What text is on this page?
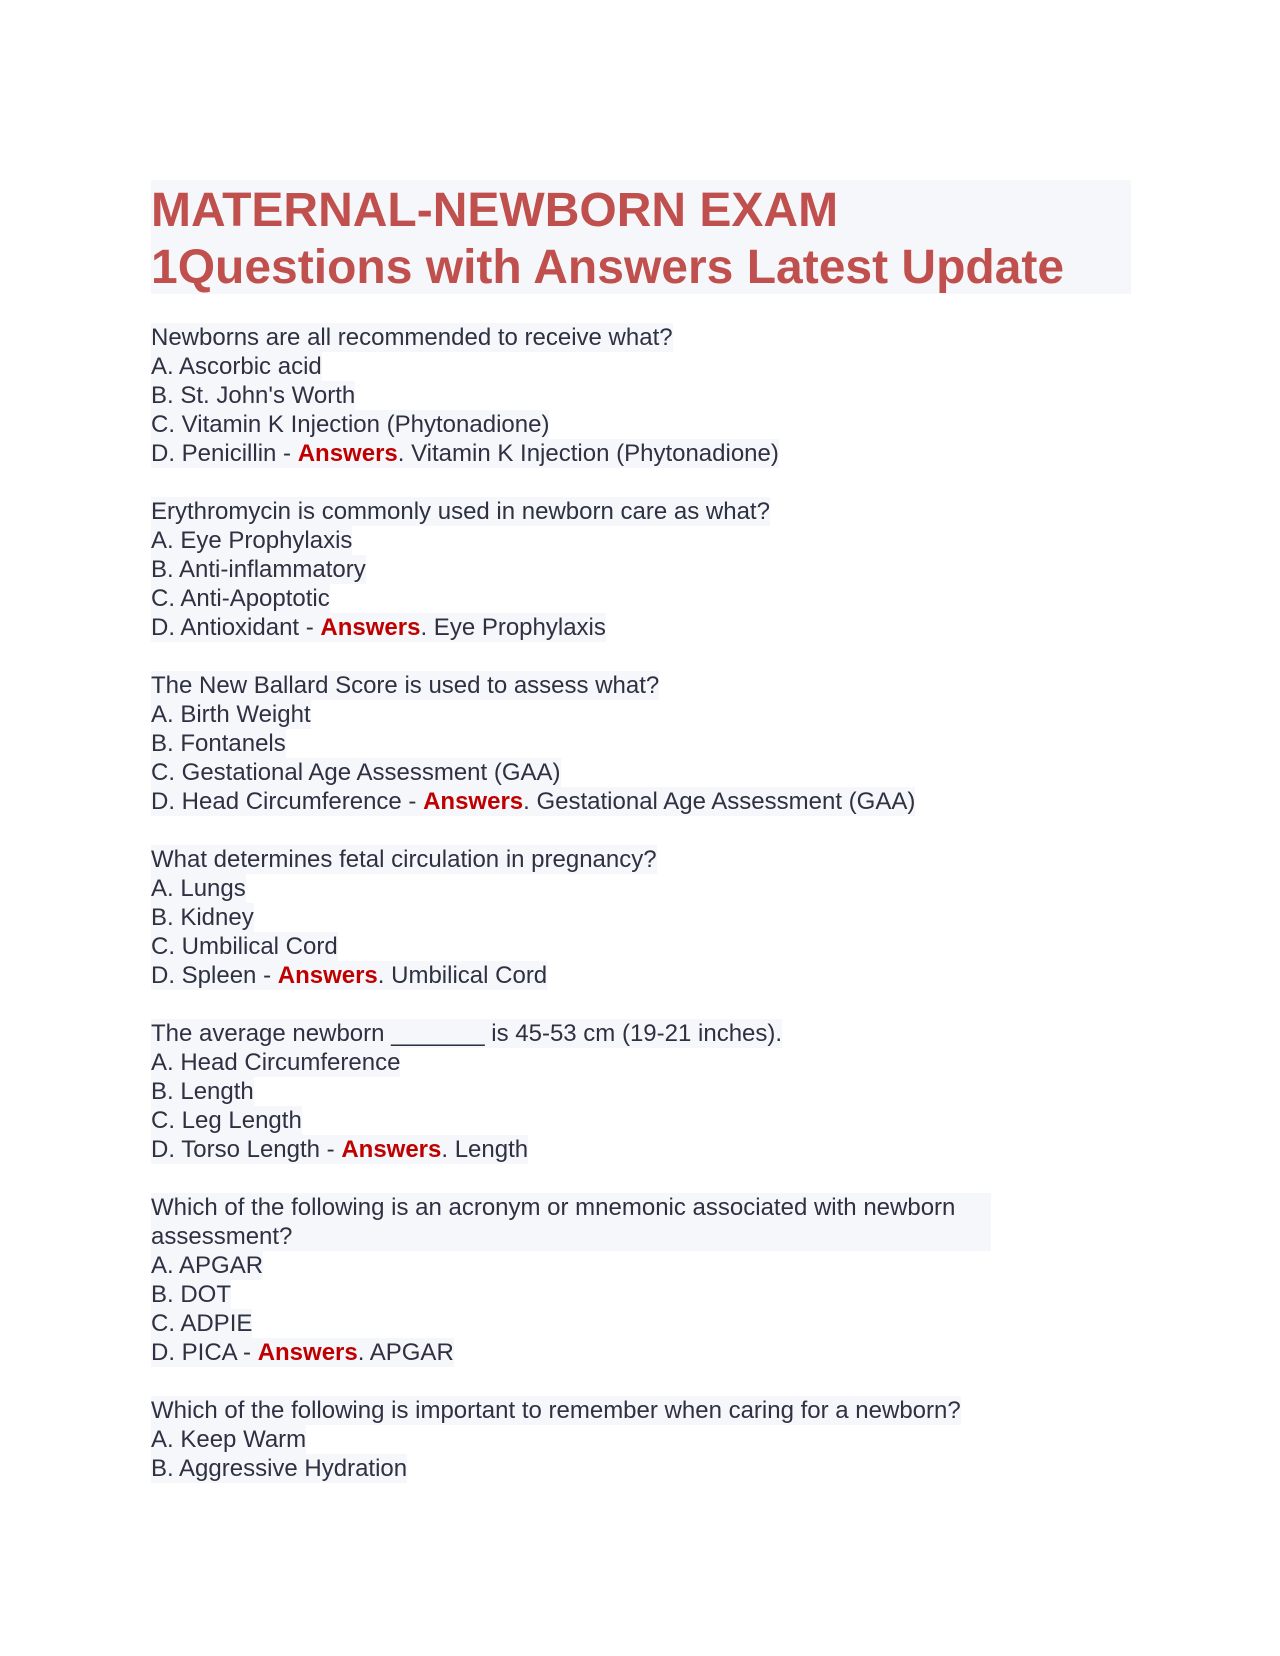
MATERNAL-NEWBORN EXAM
1Questions with Answers Latest Update
Newborns are all recommended to receive what?
A. Ascorbic acid
B. St. John's Worth
C. Vitamin K Injection (Phytonadione)
D. Penicillin - Answers. Vitamin K Injection (Phytonadione)
Erythromycin is commonly used in newborn care as what?
A. Eye Prophylaxis
B. Anti-inflammatory
C. Anti-Apoptotic
D. Antioxidant - Answers. Eye Prophylaxis
The New Ballard Score is used to assess what?
A. Birth Weight
B. Fontanels
C. Gestational Age Assessment (GAA)
D. Head Circumference - Answers. Gestational Age Assessment (GAA)
What determines fetal circulation in pregnancy?
A. Lungs
B. Kidney
C. Umbilical Cord
D. Spleen - Answers. Umbilical Cord
The average newborn _______ is 45-53 cm (19-21 inches).
A. Head Circumference
B. Length
C. Leg Length
D. Torso Length - Answers. Length
Which of the following is an acronym or mnemonic associated with newborn assessment?
A. APGAR
B. DOT
C. ADPIE
D. PICA - Answers. APGAR
Which of the following is important to remember when caring for a newborn?
A. Keep Warm
B. Aggressive Hydration
